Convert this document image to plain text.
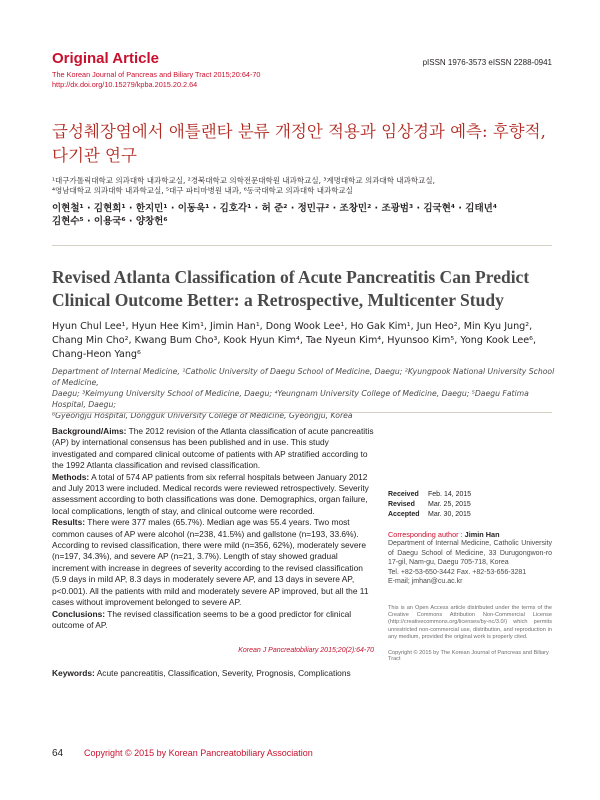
Original Article	pISSN 1976-3573 eISSN 2288-0941
The Korean Journal of Pancreas and Biliary Tract 2015;20:64-70
http://dx.doi.org/10.15279/kpba.2015.20.2.64
급성췌장염에서 애틀랜타 분류 개정안 적용과 임상경과 예측: 후향적, 다기관 연구
¹대구가톨릭대학교 의과대학 내과학교실, ²경북대학교 의학전문대학원 내과학교실, ³계명대학교 의과대학 내과학교실,
⁴영남대학교 의과대학 내과학교실, ⁵대구 파티마병원 내과, ⁶동국대학교 의과대학 내과학교실
이현철¹ · 김현희¹ · 한지민¹ · 이동욱¹ · 김호각¹ · 허 준² · 정민규² · 조창민² · 조광범³ · 김국현⁴ · 김태년⁴
김현수⁵ · 이용국⁶ · 양창헌⁶
Revised Atlanta Classification of Acute Pancreatitis Can Predict
Clinical Outcome Better: a Retrospective, Multicenter Study
Hyun Chul Lee¹, Hyun Hee Kim¹, Jimin Han¹, Dong Wook Lee¹, Ho Gak Kim¹, Jun Heo², Min Kyu Jung²,
Chang Min Cho², Kwang Bum Cho³, Kook Hyun Kim⁴, Tae Nyeun Kim⁴, Hyunsoo Kim⁵, Yong Kook Lee⁶,
Chang-Heon Yang⁶
Department of Internal Medicine, ¹Catholic University of Daegu School of Medicine, Daegu; ²Kyungpook National University School of Medicine,
Daegu; ³Keimyung University School of Medicine, Daegu; ⁴Yeungnam University College of Medicine, Daegu; ⁵Daegu Fatima Hospital, Daegu;
⁶Gyeongju Hospital, Dongguk University College of Medicine, Gyeongju, Korea

Background/Aims: The 2012 revision of the Atlanta classification of acute pancreatitis (AP) by international consensus has been published and in use. This study investigated and compared clinical outcome of patients with AP stratified according to the 1992 Atlanta classification and revised classification.

Methods: A total of 574 AP patients from six referral hospitals between January 2012 and July 2013 were included. Medical records were reviewed retrospectively. Severity assessment according to both classifications was done. Demographics, organ failure, local complications, length of stay, and clinical outcome were recorded.

Results: There were 377 males (65.7%). Median age was 55.4 years. Two most common causes of AP were alcohol (n=238, 41.5%) and gallstone (n=193, 33.6%). According to revised classification, there were mild (n=356, 62%), moderately severe (n=197, 34.3%), and severe AP (n=21, 3.7%). Length of stay showed gradual increment with increase in degrees of severity according to the revised classification (5.9 days in mild AP, 8.3 days in moderately severe AP, and 13 days in severe AP, p<0.001). All the patients with mild and moderately severe AP improved, but all the 11 cases without improvement belonged to severe AP.

Conclusions: The revised classification seems to be a good predictor for clinical outcome of AP.

Korean J Pancreatobiliary 2015;20(2):64-70
Keywords: Acute pancreatitis, Classification, Severity, Prognosis, Complications
Received Feb. 14, 2015
Revised Mar. 25, 2015
Accepted Mar. 30, 2015
Corresponding author : Jimin Han
Department of Internal Medicine, Catholic University of Daegu School of Medicine, 33 Durugongwon-ro 17-gil, Nam-gu, Daegu 705-718, Korea
Tel. +82-53-650-3442 Fax. +82-53-656-3281
E-mail; jmhan@cu.ac.kr
This is an Open Access article distributed under the terms of the Creative Commons Attribution Non-Commercial License (http://creativecommons.org/licenses/by-nc/3.0/) which permits unrestricted non-commercial use, distribution, and reproduction in any medium, provided the original work is properly cited.
Copyright © 2015 by The Korean Journal of Pancreas and Biliary Tract
64 Copyright © 2015 by Korean Pancreatobiliary Association
